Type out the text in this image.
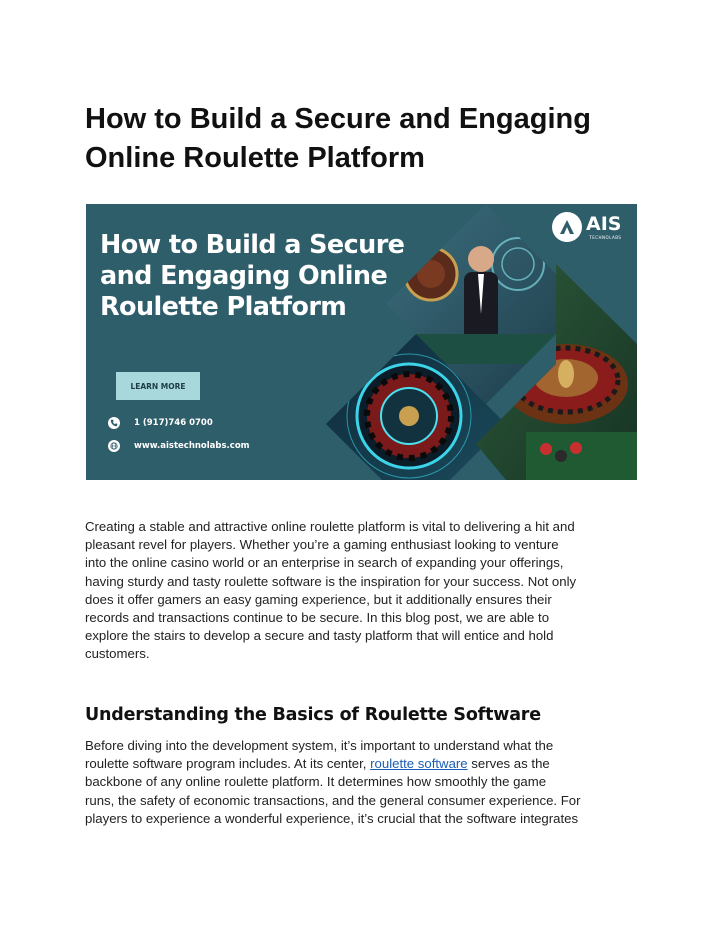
How to Build a Secure and Engaging
Online Roulette Platform
How to Build a Secure
and Engaging Online
Roulette Platform
LEARN MORE
1 (917)746 0700
www.aistechnolabs.com
AIS
TECHNOLABS

Creating a stable and attractive online roulette platform is vital to delivering a hit and
pleasant revel for players. Whether you’re a gaming enthusiast looking to venture
into the online casino world or an enterprise in search of expanding your offerings,
having sturdy and tasty roulette software is the inspiration for your success. Not only
does it offer gamers an easy gaming experience, but it additionally ensures their
records and transactions continue to be secure. In this blog post, we are able to
explore the stairs to develop a secure and tasty platform that will entice and hold
customers.

Understanding the Basics of Roulette Software

Before diving into the development system, it’s important to understand what the
roulette software program includes. At its center, roulette software serves as the
backbone of any online roulette platform. It determines how smoothly the game
runs, the safety of economic transactions, and the general consumer experience. For
players to experience a wonderful experience, it’s crucial that the software integrates
